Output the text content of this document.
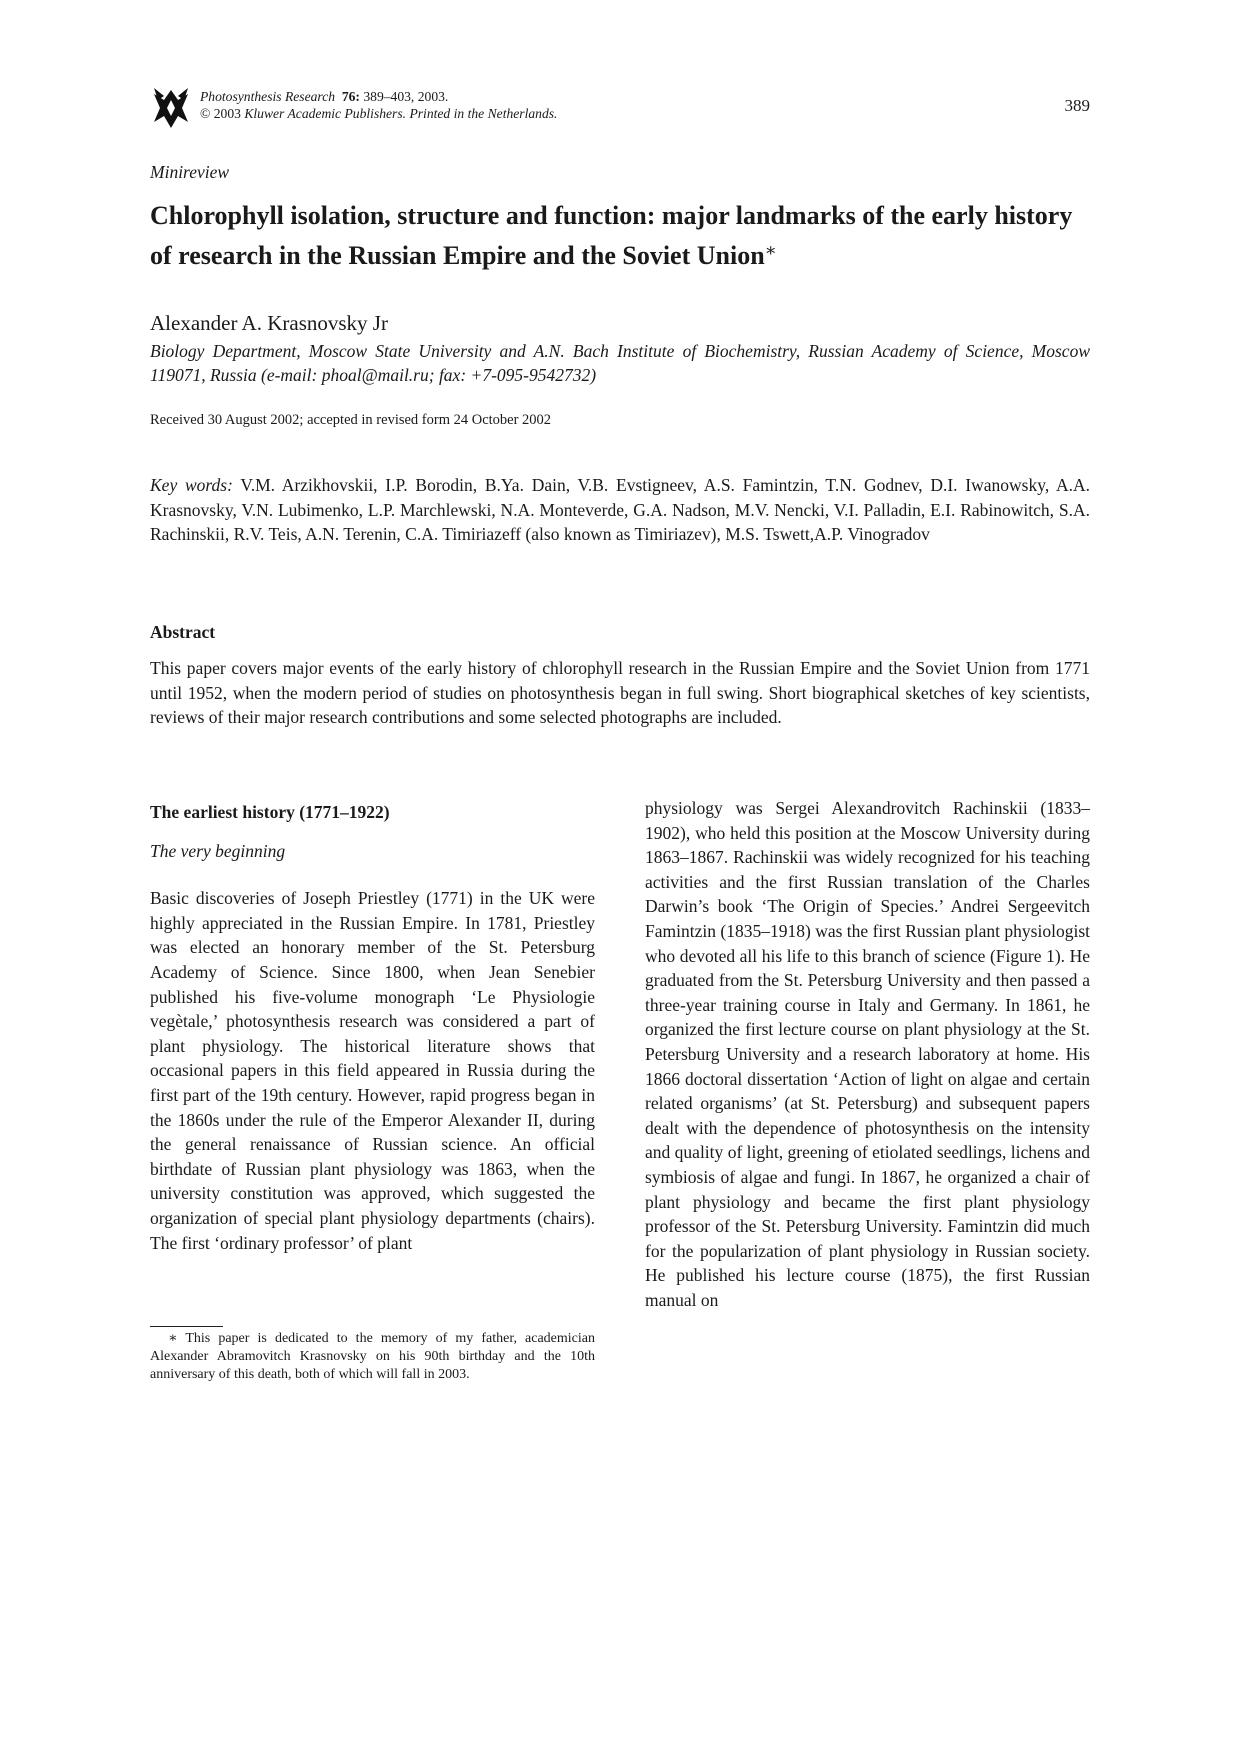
Photosynthesis Research 76: 389–403, 2003.
© 2003 Kluwer Academic Publishers. Printed in the Netherlands.	389
Minireview
Chlorophyll isolation, structure and function: major landmarks of the early history of research in the Russian Empire and the Soviet Union∗
Alexander A. Krasnovsky Jr
Biology Department, Moscow State University and A.N. Bach Institute of Biochemistry, Russian Academy of Science, Moscow 119071, Russia (e-mail: phoal@mail.ru; fax: +7-095-9542732)
Received 30 August 2002; accepted in revised form 24 October 2002
Key words: V.M. Arzikhovskii, I.P. Borodin, B.Ya. Dain, V.B. Evstigneev, A.S. Famintzin, T.N. Godnev, D.I. Iwanowsky, A.A. Krasnovsky, V.N. Lubimenko, L.P. Marchlewski, N.A. Monteverde, G.A. Nadson, M.V. Nencki, V.I. Palladin, E.I. Rabinowitch, S.A. Rachinskii, R.V. Teis, A.N. Terenin, C.A. Timiriazeff (also known as Timiriazev), M.S. Tswett,A.P. Vinogradov
Abstract
This paper covers major events of the early history of chlorophyll research in the Russian Empire and the Soviet Union from 1771 until 1952, when the modern period of studies on photosynthesis began in full swing. Short biographical sketches of key scientists, reviews of their major research contributions and some selected photographs are included.
The earliest history (1771–1922)
The very beginning

Basic discoveries of Joseph Priestley (1771) in the UK were highly appreciated in the Russian Empire. In 1781, Priestley was elected an honorary member of the St. Petersburg Academy of Science. Since 1800, when Jean Senebier published his five-volume monograph ‘Le Physiologie vegètale,’ photosynthesis research was considered a part of plant physiology. The historical literature shows that occasional papers in this field appeared in Russia during the first part of the 19th century. However, rapid progress began in the 1860s under the rule of the Emperor Alexander II, during the general renaissance of Russian science. An official birthdate of Russian plant physiology was 1863, when the university constitution was approved, which suggested the organization of special plant physiology departments (chairs). The first ‘ordinary professor’ of plant

physiology was Sergei Alexandrovitch Rachinskii (1833–1902), who held this position at the Moscow University during 1863–1867. Rachinskii was widely recognized for his teaching activities and the first Russian translation of the Charles Darwin’s book ‘The Origin of Species.’ Andrei Sergeevitch Famintzin (1835–1918) was the first Russian plant physiologist who devoted all his life to this branch of science (Figure 1). He graduated from the St. Petersburg University and then passed a three-year training course in Italy and Germany. In 1861, he organized the first lecture course on plant physiology at the St. Petersburg University and a research laboratory at home. His 1866 doctoral dissertation ‘Action of light on algae and certain related organisms’ (at St. Petersburg) and subsequent papers dealt with the dependence of photosynthesis on the intensity and quality of light, greening of etiolated seedlings, lichens and symbiosis of algae and fungi. In 1867, he organized a chair of plant physiology and became the first plant physiology professor of the St. Petersburg University. Famintzin did much for the popularization of plant physiology in Russian society. He published his lecture course (1875), the first Russian manual on

∗ This paper is dedicated to the memory of my father, academician Alexander Abramovitch Krasnovsky on his 90th birthday and the 10th anniversary of this death, both of which will fall in 2003.
